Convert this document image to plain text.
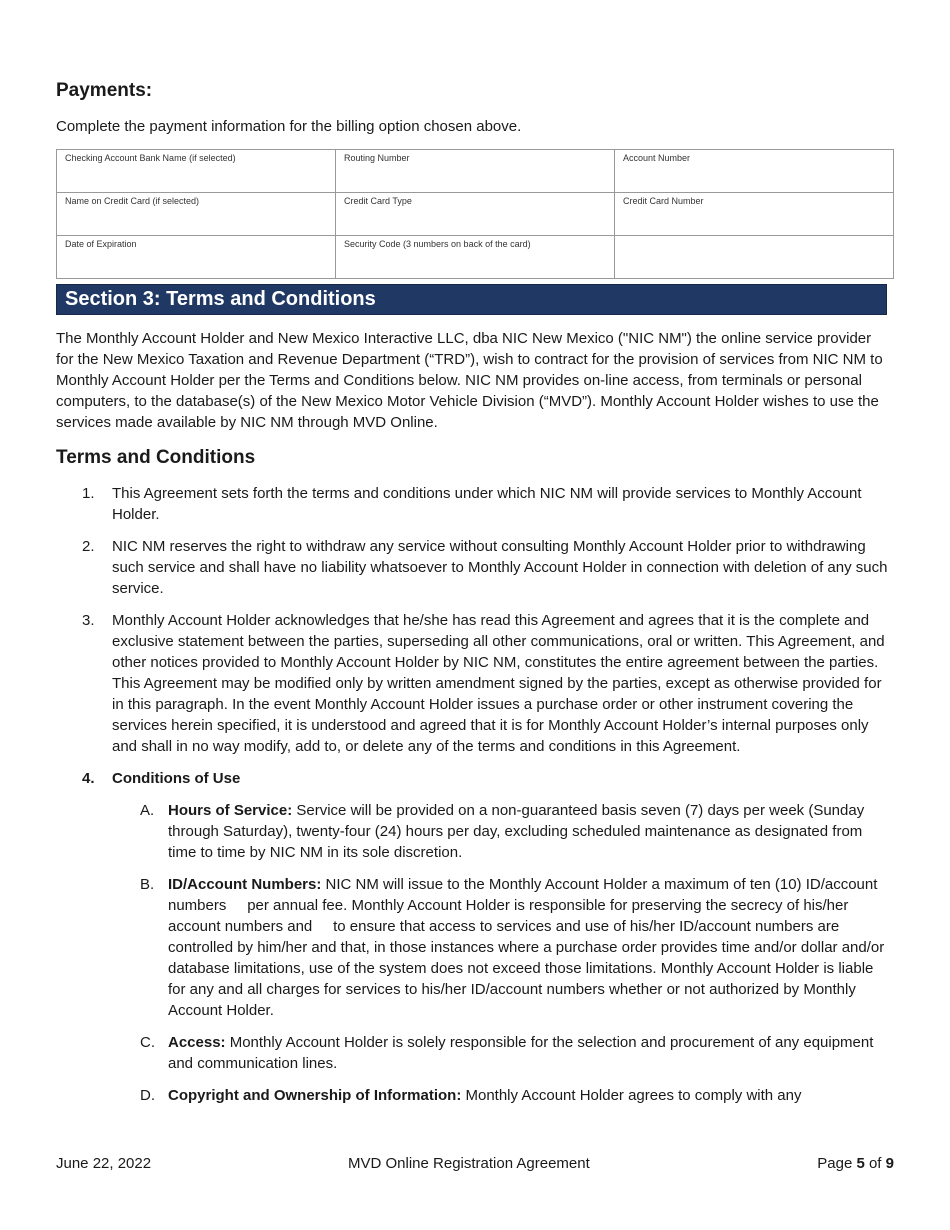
Payments:

Complete the payment information for the billing option chosen above.

Checking Account Bank Name (if selected)	Routing Number	Account Number
Name on Credit Card (if selected)	Credit Card Type	Credit Card Number
Date of Expiration	Security Code (3 numbers on back of the card)	
Section 3: Terms and Conditions

The Monthly Account Holder and New Mexico Interactive LLC, dba NIC New Mexico ("NIC NM") the online service provider for the New Mexico Taxation and Revenue Department (“TRD”), wish to contract for the provision of services from NIC NM to Monthly Account Holder per the Terms and Conditions below. NIC NM provides on-line access, from terminals or personal computers, to the database(s) of the New Mexico Motor Vehicle Division (“MVD”). Monthly Account Holder wishes to use the services made available by NIC NM through MVD Online.

Terms and Conditions
1. This Agreement sets forth the terms and conditions under which NIC NM will provide services to Monthly Account Holder.
2. NIC NM reserves the right to withdraw any service without consulting Monthly Account Holder prior to withdrawing such service and shall have no liability whatsoever to Monthly Account Holder in connection with deletion of any such service.
3. Monthly Account Holder acknowledges that he/she has read this Agreement and agrees that it is the complete and exclusive statement between the parties, superseding all other communications, oral or written. This Agreement, and other notices provided to Monthly Account Holder by NIC NM, constitutes the entire agreement between the parties. This Agreement may be modified only by written amendment signed by the parties, except as otherwise provided for in this paragraph. In the event Monthly Account Holder issues a purchase order or other instrument covering the services herein specified, it is understood and agreed that it is for Monthly Account Holder’s internal purposes only and shall in no way modify, add to, or delete any of the terms and conditions in this Agreement.
4. Conditions of Use
A. Hours of Service: Service will be provided on a non-guaranteed basis seven (7) days per week (Sunday through Saturday), twenty-four (24) hours per day, excluding scheduled maintenance as designated from time to time by NIC NM in its sole discretion.
B. ID/Account Numbers: NIC NM will issue to the Monthly Account Holder a maximum of ten (10) ID/account numbers     per annual fee. Monthly Account Holder is responsible for preserving the secrecy of his/her account numbers and     to ensure that access to services and use of his/her ID/account numbers are controlled by him/her and that, in those instances where a purchase order provides time and/or dollar and/or database limitations, use of the system does not exceed those limitations. Monthly Account Holder is liable for any and all charges for services to his/her ID/account numbers whether or not authorized by Monthly Account Holder.
C. Access: Monthly Account Holder is solely responsible for the selection and procurement of any equipment and communication lines.
D. Copyright and Ownership of Information: Monthly Account Holder agrees to comply with any
June 22, 2022	MVD Online Registration Agreement	Page 5 of 9
